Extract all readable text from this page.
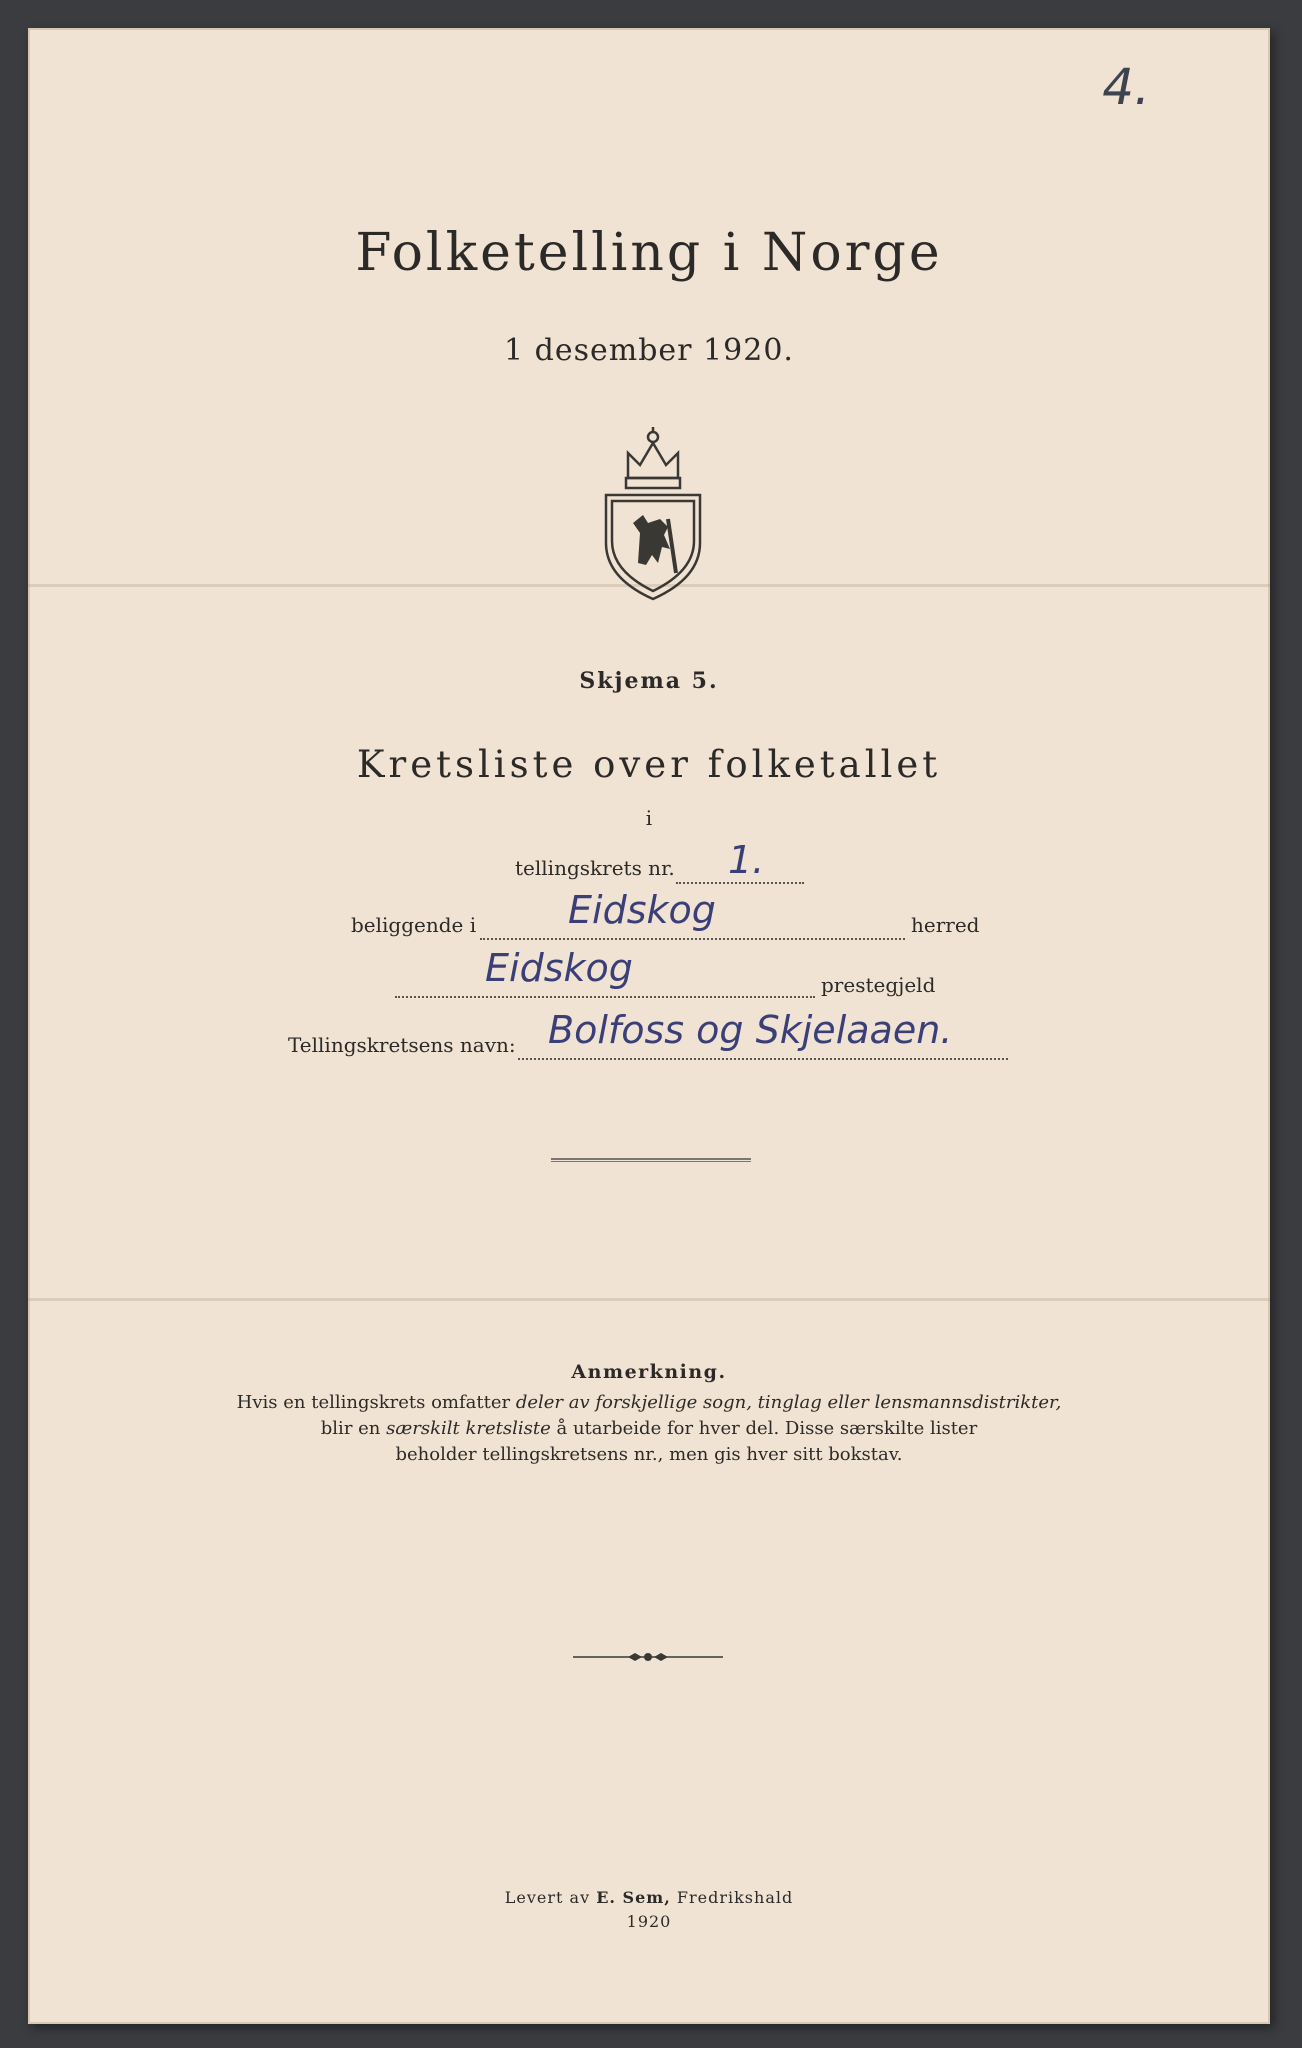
4.
Folketelling i Norge
1 desember 1920.
Skjema 5.
Kretsliste over folketallet
i
tellingskrets nr. 1.
beliggende i Eidskog	herred
Eidskog	prestegjeld
Tellingskretsens navn: Bolfoss og Skjelaaen.
Anmerkning.
Hvis en tellingskrets omfatter deler av forskjellige sogn, tinglag eller lensmannsdistrikter,
blir en særskilt kretsliste å utarbeide for hver del. Disse særskilte lister
beholder tellingskretsens nr., men gis hver sitt bokstav.
Levert av E. Sem, Fredrikshald
1920
